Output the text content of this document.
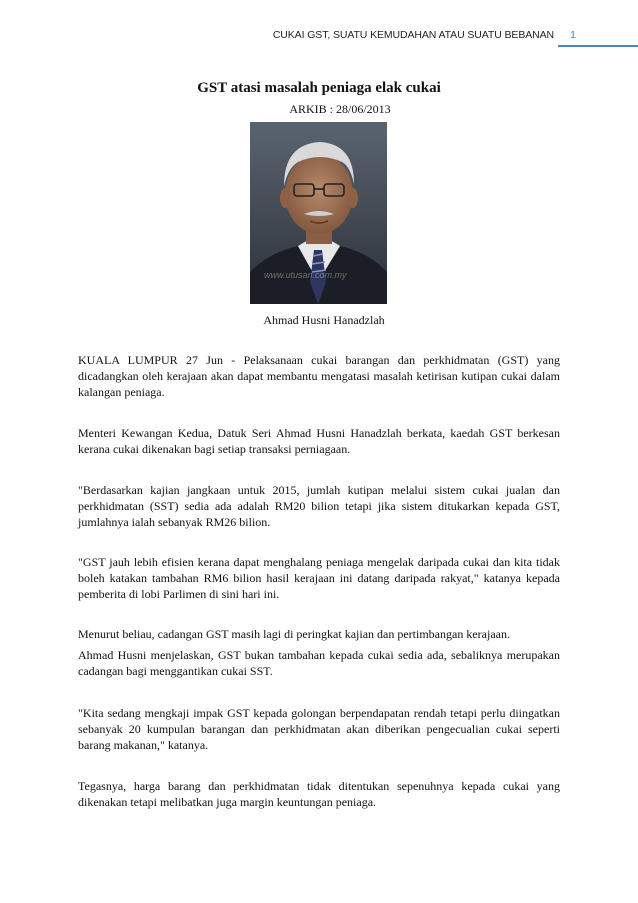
CUKAI GST, SUATU KEMUDAHAN ATAU SUATU BEBANAN 1
GST atasi masalah peniaga elak cukai
ARKIB : 28/06/2013
www.utusan.com.my
Ahmad Husni Hanadzlah

KUALA LUMPUR 27 Jun - Pelaksanaan cukai barangan dan perkhidmatan (GST) yang dicadangkan oleh kerajaan akan dapat membantu mengatasi masalah ketirisan kutipan cukai dalam kalangan peniaga.

Menteri Kewangan Kedua, Datuk Seri Ahmad Husni Hanadzlah berkata, kaedah GST berkesan kerana cukai dikenakan bagi setiap transaksi perniagaan.

"Berdasarkan kajian jangkaan untuk 2015, jumlah kutipan melalui sistem cukai jualan dan perkhidmatan (SST) sedia ada adalah RM20 bilion tetapi jika sistem ditukarkan kepada GST, jumlahnya ialah sebanyak RM26 bilion.

"GST jauh lebih efisien kerana dapat menghalang peniaga mengelak daripada cukai dan kita tidak boleh katakan tambahan RM6 bilion hasil kerajaan ini datang daripada rakyat," katanya kepada pemberita di lobi Parlimen di sini hari ini.

Menurut beliau, cadangan GST masih lagi di peringkat kajian dan pertimbangan kerajaan.

Ahmad Husni menjelaskan, GST bukan tambahan kepada cukai sedia ada, sebaliknya merupakan cadangan bagi menggantikan cukai SST.

"Kita sedang mengkaji impak GST kepada golongan berpendapatan rendah tetapi perlu diingatkan sebanyak 20 kumpulan barangan dan perkhidmatan akan diberikan pengecualian cukai seperti barang makanan," katanya.

Tegasnya, harga barang dan perkhidmatan tidak ditentukan sepenuhnya kepada cukai yang dikenakan tetapi melibatkan juga margin keuntungan peniaga.
